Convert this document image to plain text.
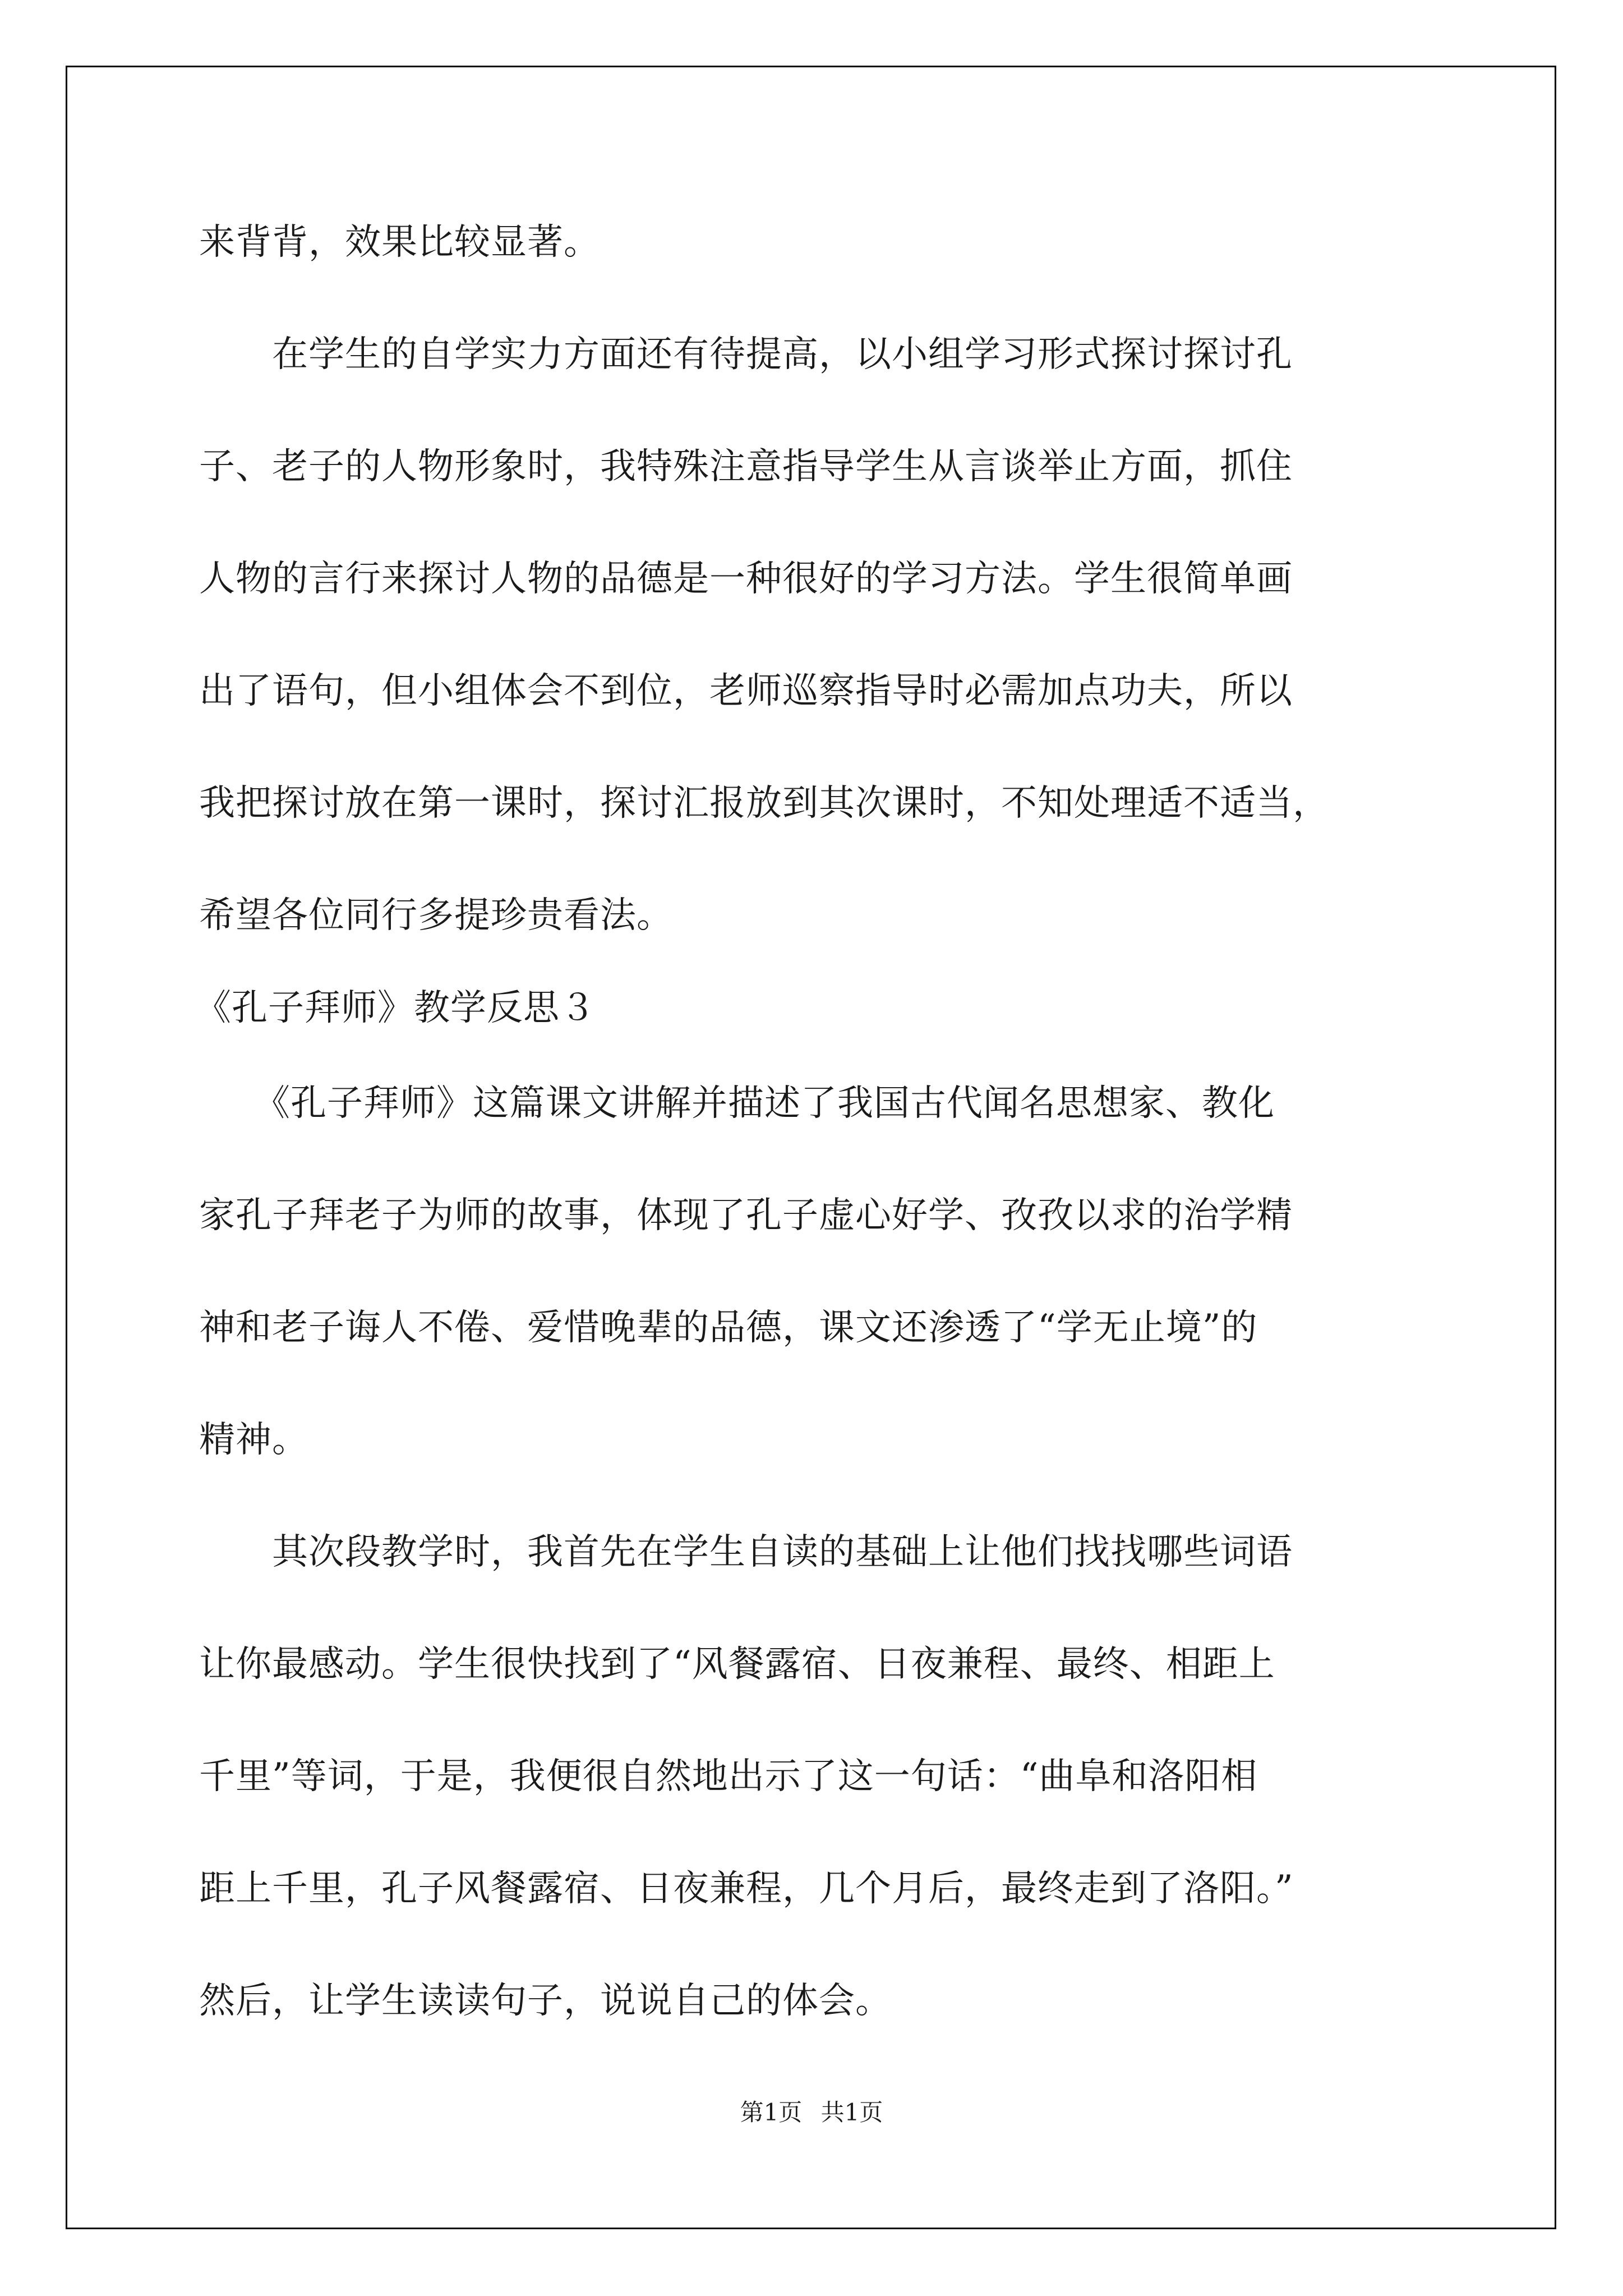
来背背，效果比较显著。
　　在学生的自学实力方面还有待提高，以小组学习形式探讨探讨孔
子、老子的人物形象时，我特殊注意指导学生从言谈举止方面，抓住
人物的言行来探讨人物的品德是一种很好的学习方法。学生很简单画
出了语句，但小组体会不到位，老师巡察指导时必需加点功夫，所以
我把探讨放在第一课时，探讨汇报放到其次课时，不知处理适不适当，
希望各位同行多提珍贵看法。
《孔子拜师》教学反思３
　　《孔子拜师》这篇课文讲解并描述了我国古代闻名思想家、教化
家孔子拜老子为师的故事，体现了孔子虚心好学、孜孜以求的治学精
神和老子诲人不倦、爱惜晚辈的品德，课文还渗透了“学无止境”的
精神。
　　其次段教学时，我首先在学生自读的基础上让他们找找哪些词语
让你最感动。学生很快找到了“风餐露宿、日夜兼程、最终、相距上
千里”等词，于是，我便很自然地出示了这一句话：“曲阜和洛阳相
距上千里，孔子风餐露宿、日夜兼程，几个月后，最终走到了洛阳。”
然后，让学生读读句子，说说自己的体会。
第1页 共1页
